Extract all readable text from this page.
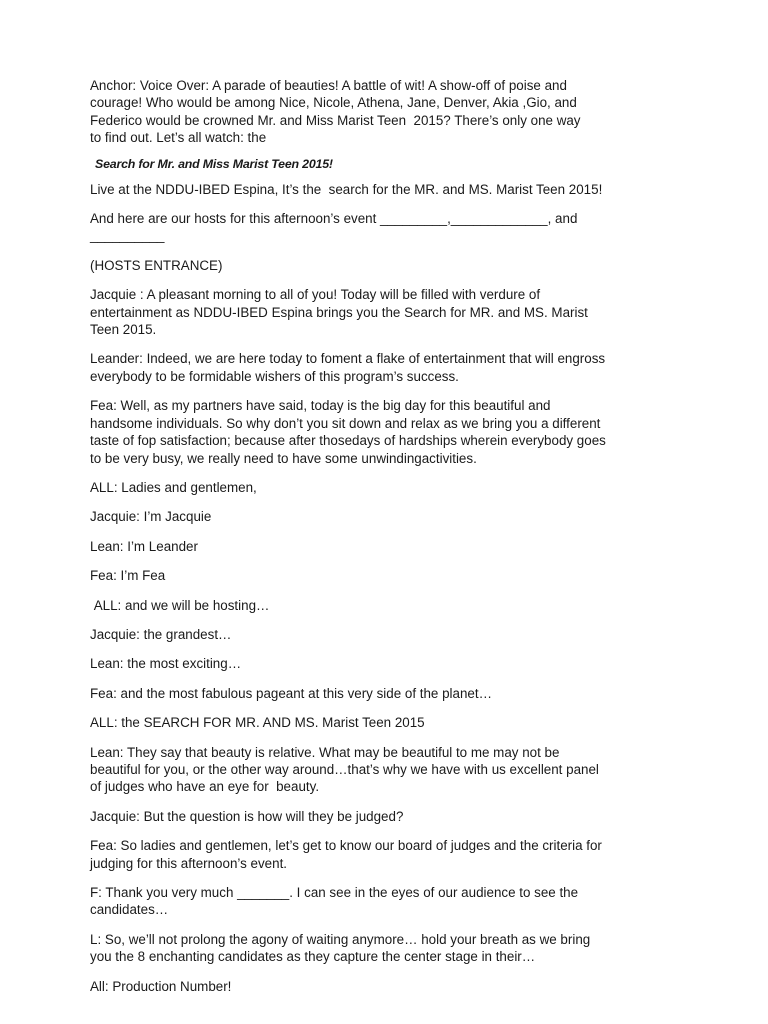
Anchor: Voice Over: A parade of beauties! A battle of wit! A show-off of poise and
courage! Who would be among Nice, Nicole, Athena, Jane, Denver, Akia ,Gio, and
Federico would be crowned Mr. and Miss Marist Teen  2015? There’s only one way
to find out. Let’s all watch: the

Search for Mr. and Miss Marist Teen 2015!

Live at the NDDU-IBED Espina, It’s the  search for the MR. and MS. Marist Teen 2015!

And here are our hosts for this afternoon’s event _________,_____________, and
__________

(HOSTS ENTRANCE)

Jacquie : A pleasant morning to all of you! Today will be filled with verdure of
entertainment as NDDU-IBED Espina brings you the Search for MR. and MS. Marist
Teen 2015.

Leander: Indeed, we are here today to foment a flake of entertainment that will engross
everybody to be formidable wishers of this program’s success.

Fea: Well, as my partners have said, today is the big day for this beautiful and
handsome individuals. So why don’t you sit down and relax as we bring you a different
taste of fop satisfaction; because after thosedays of hardships wherein everybody goes
to be very busy, we really need to have some unwindingactivities.

ALL: Ladies and gentlemen,

Jacquie: I’m Jacquie

Lean: I’m Leander

Fea: I’m Fea

ALL: and we will be hosting…

Jacquie: the grandest…

Lean: the most exciting…

Fea: and the most fabulous pageant at this very side of the planet…

ALL: the SEARCH FOR MR. AND MS. Marist Teen 2015

Lean: They say that beauty is relative. What may be beautiful to me may not be
beautiful for you, or the other way around…that’s why we have with us excellent panel
of judges who have an eye for  beauty.

Jacquie: But the question is how will they be judged?

Fea: So ladies and gentlemen, let’s get to know our board of judges and the criteria for
judging for this afternoon’s event.

F: Thank you very much _______. I can see in the eyes of our audience to see the
candidates…

L: So, we’ll not prolong the agony of waiting anymore… hold your breath as we bring
you the 8 enchanting candidates as they capture the center stage in their…

All: Production Number!
